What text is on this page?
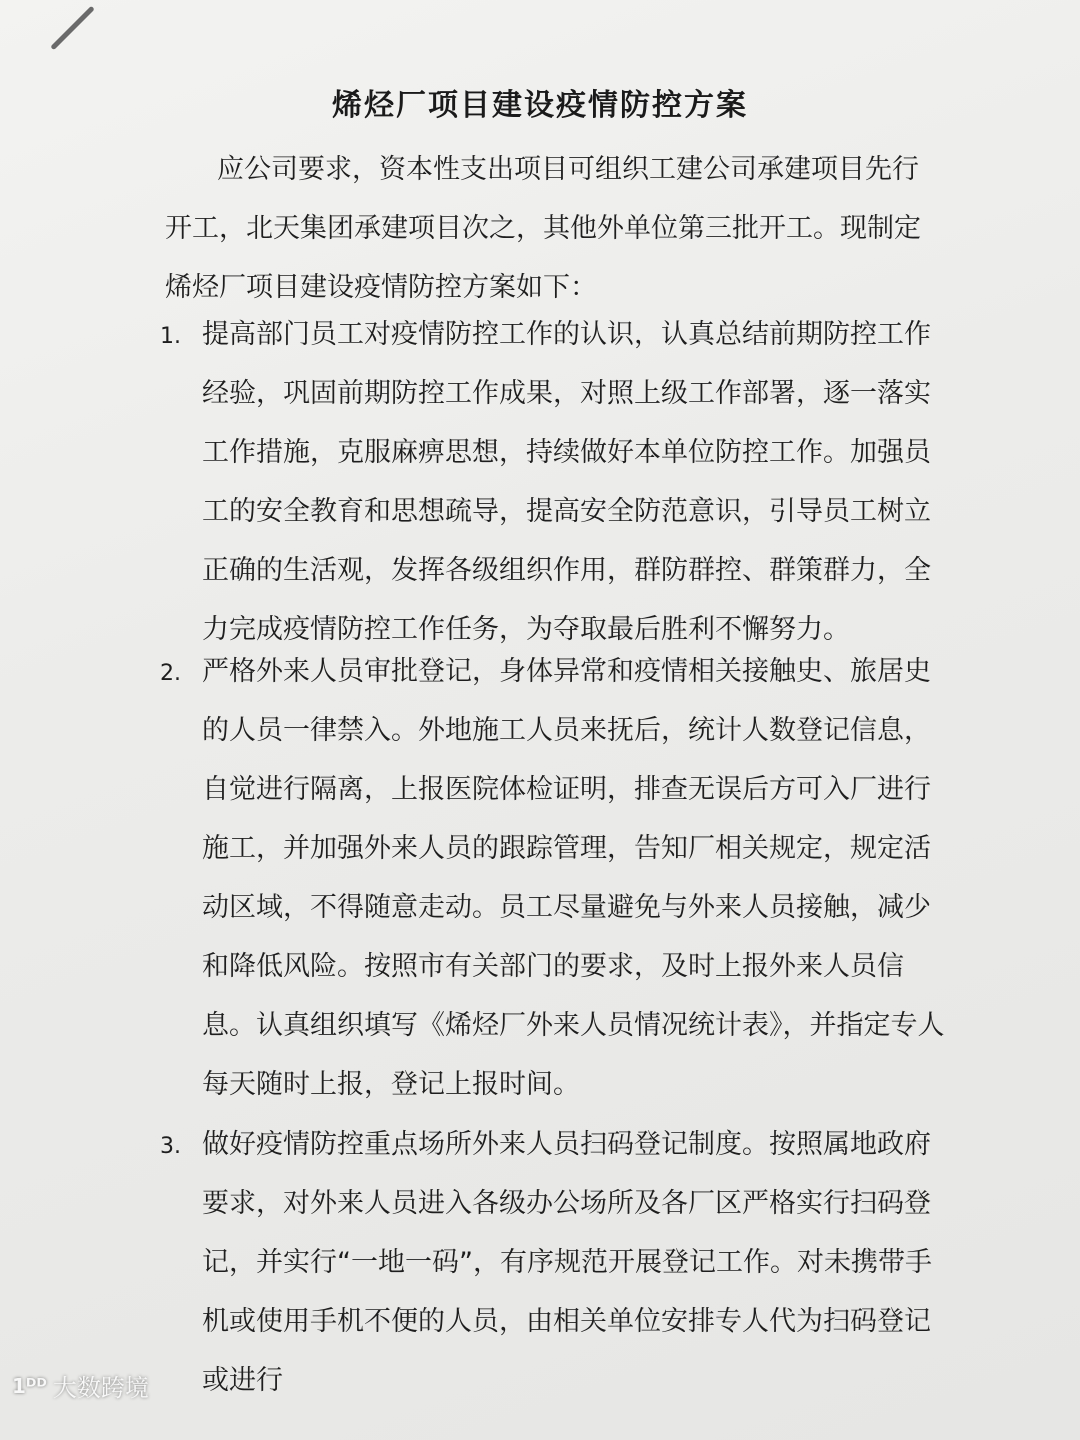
烯烃厂项目建设疫情防控方案
应公司要求，资本性支出项目可组织工建公司承建项目先行开工，北天集团承建项目次之，其他外单位第三批开工。现制定烯烃厂项目建设疫情防控方案如下：
1. 提高部门员工对疫情防控工作的认识，认真总结前期防控工作经验，巩固前期防控工作成果，对照上级工作部署，逐一落实工作措施，克服麻痹思想，持续做好本单位防控工作。加强员工的安全教育和思想疏导，提高安全防范意识，引导员工树立正确的生活观，发挥各级组织作用，群防群控、群策群力，全力完成疫情防控工作任务，为夺取最后胜利不懈努力。
2. 严格外来人员审批登记，身体异常和疫情相关接触史、旅居史的人员一律禁入。外地施工人员来抚后，统计人数登记信息，自觉进行隔离，上报医院体检证明，排查无误后方可入厂进行施工，并加强外来人员的跟踪管理，告知厂相关规定，规定活动区域，不得随意走动。员工尽量避免与外来人员接触，减少和降低风险。按照市有关部门的要求，及时上报外来人员信息。认真组织填写《烯烃厂外来人员情况统计表》，并指定专人每天随时上报，登记上报时间。
3. 做好疫情防控重点场所外来人员扫码登记制度。按照属地政府要求，对外来人员进入各级办公场所及各厂区严格实行扫码登记，并实行“一地一码”，有序规范开展登记工作。对未携带手机或使用手机不便的人员，由相关单位安排专人代为扫码登记或进行
1ᴰᴰ 大数跨境
